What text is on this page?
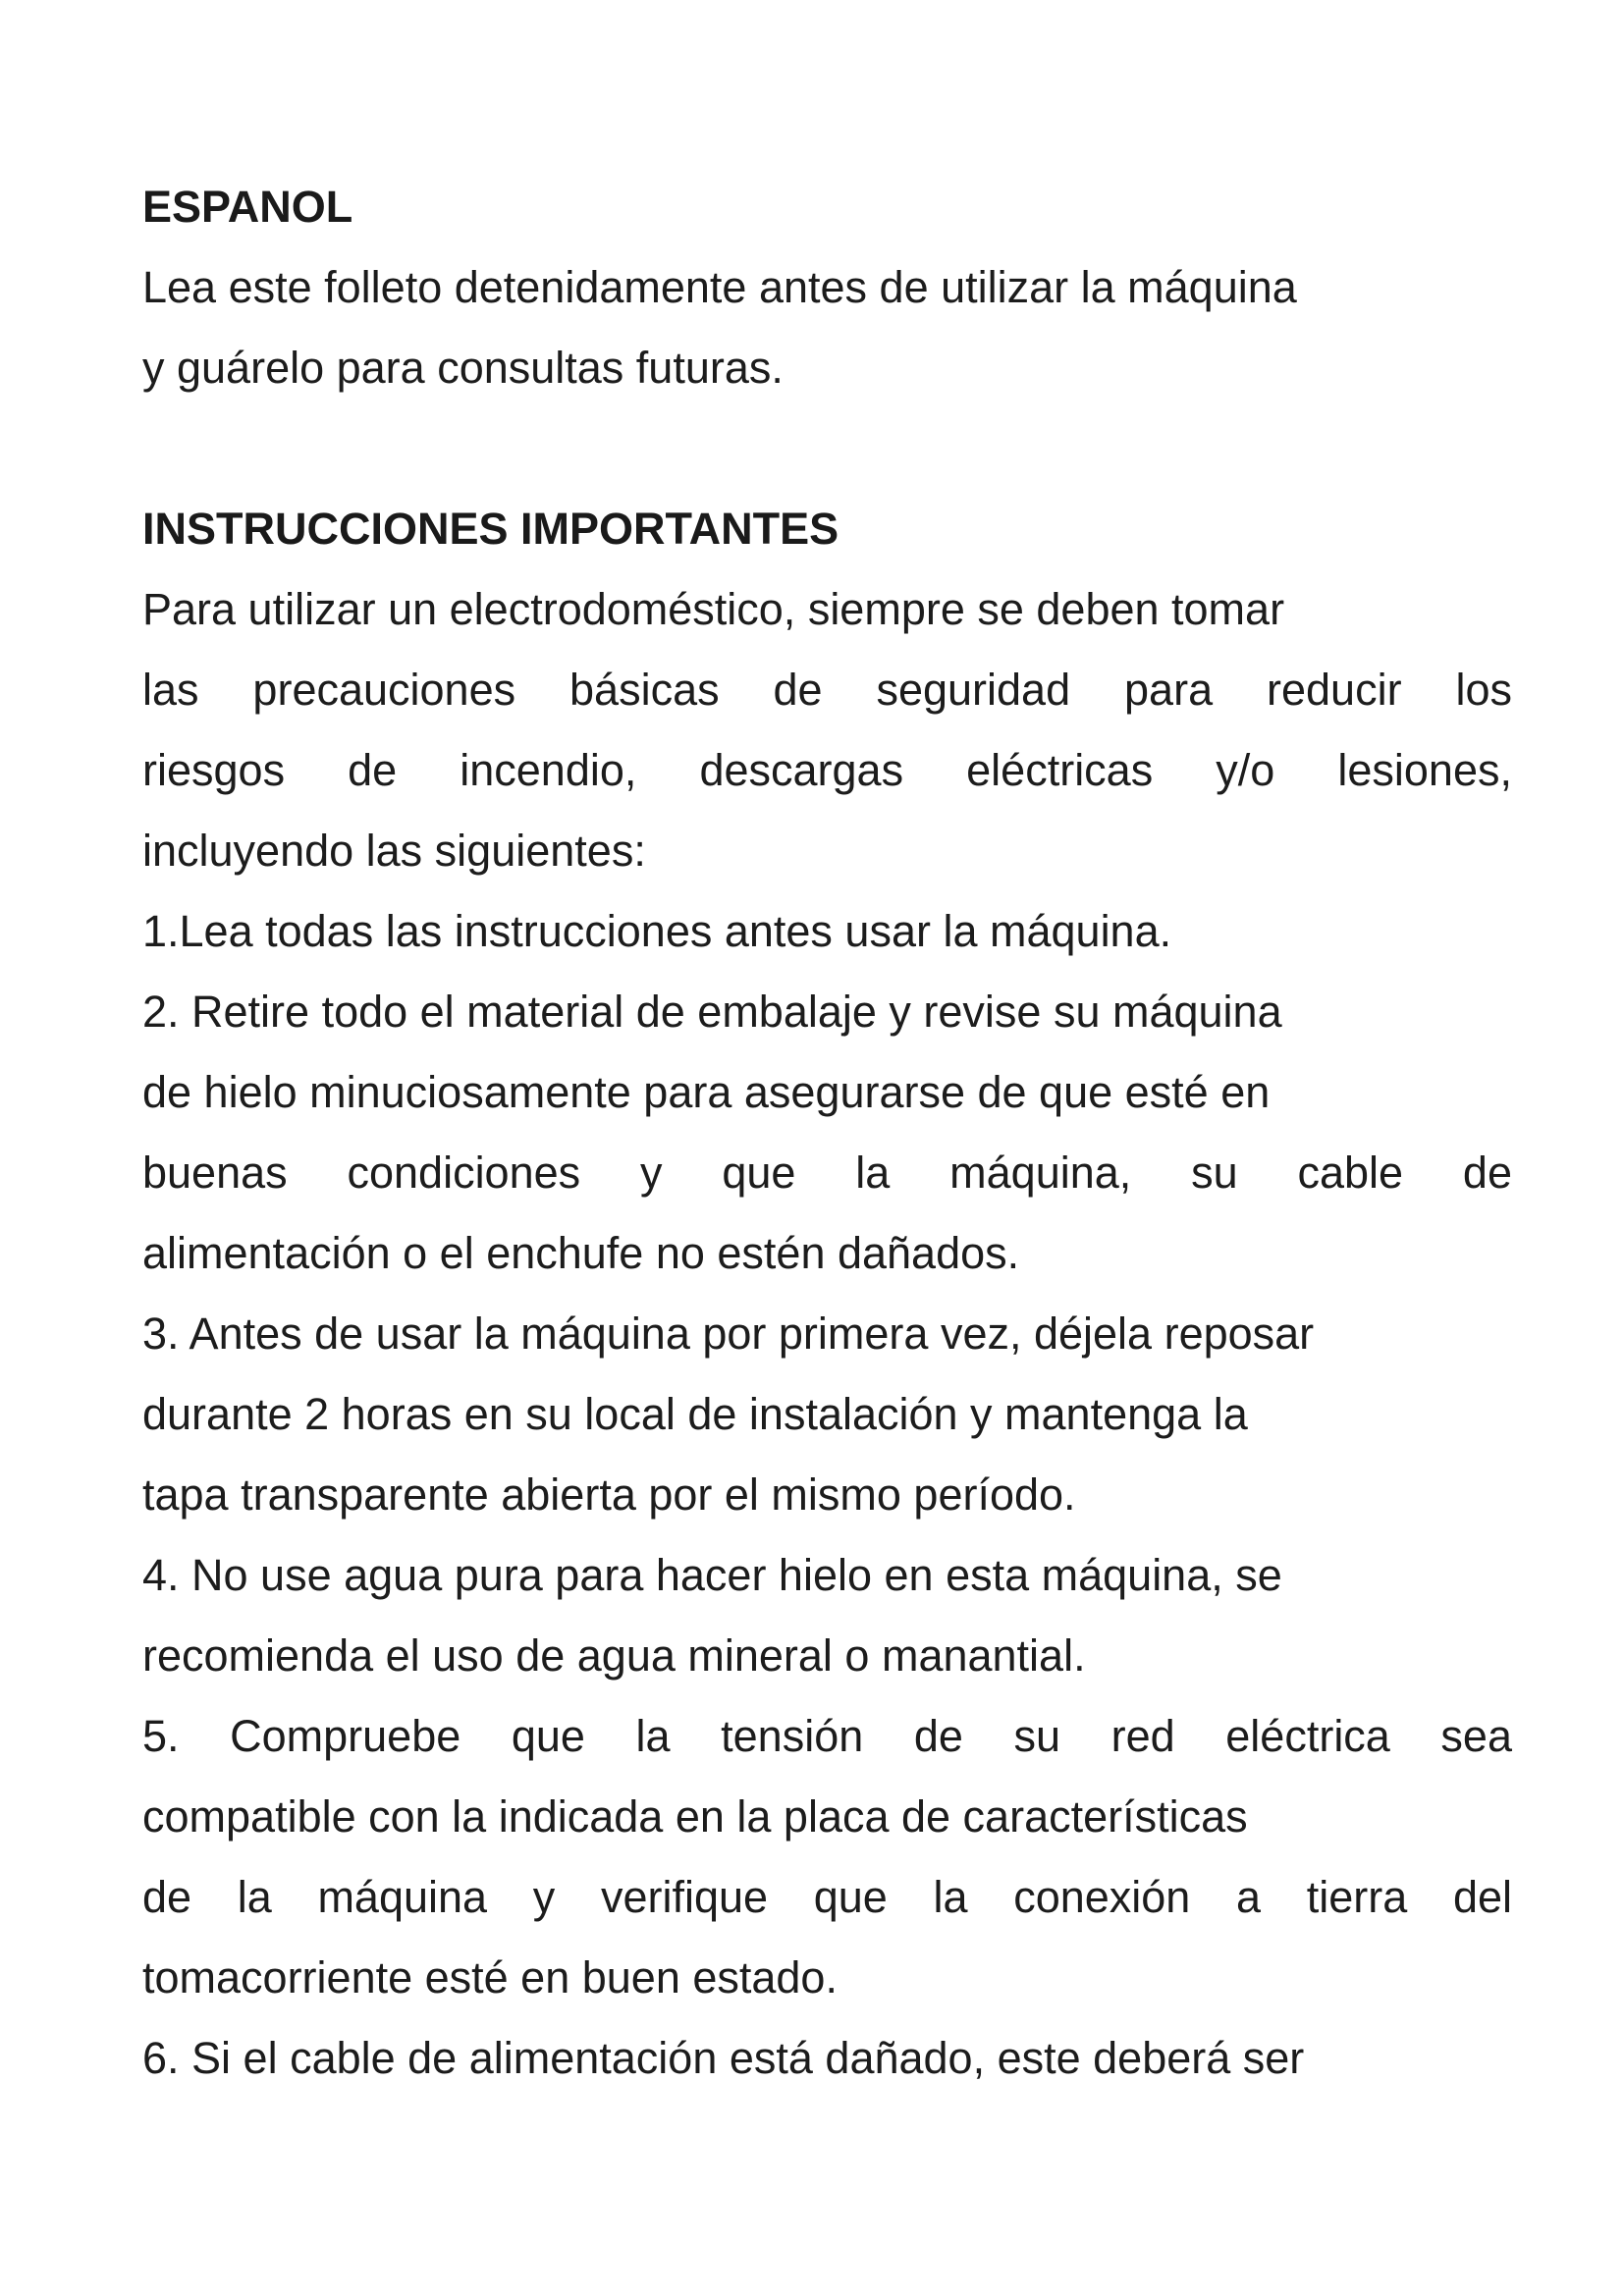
ESPANOL
Lea este folleto detenidamente antes de utilizar la máquina
y guárelo para consultas futuras.
INSTRUCCIONES IMPORTANTES
Para utilizar un electrodoméstico, siempre se deben tomar
las precauciones básicas de seguridad para reducir los
riesgos de incendio, descargas eléctricas y/o lesiones,
incluyendo las siguientes:
1.Lea todas las instrucciones antes usar la máquina.
2. Retire todo el material de embalaje y revise su máquina
de hielo minuciosamente para asegurarse de que esté en
buenas condiciones y que la máquina, su cable de
alimentación o el enchufe no estén dañados.
3. Antes de usar la máquina por primera vez, déjela reposar
durante 2 horas en su local de instalación y mantenga la
tapa transparente abierta por el mismo período.
4. No use agua pura para hacer hielo en esta máquina, se
recomienda el uso de agua mineral o manantial.
5. Compruebe que la tensión de su red eléctrica sea
compatible con la indicada en la placa de características
de la máquina y verifique que la conexión a tierra del
tomacorriente esté en buen estado.
6. Si el cable de alimentación está dañado, este deberá ser
